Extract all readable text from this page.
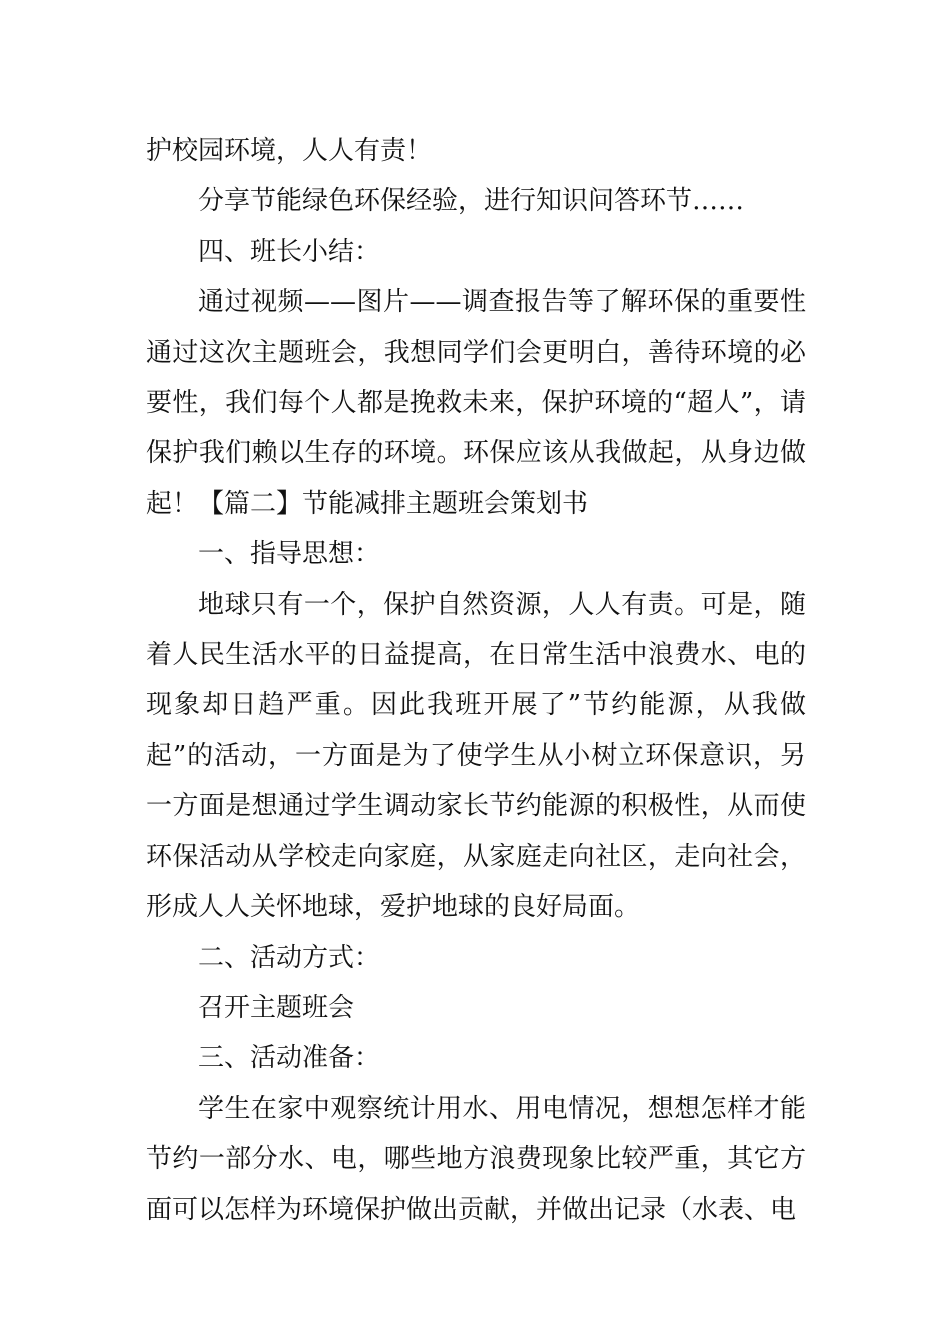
护校园环境，人人有责！

分享节能绿色环保经验，进行知识问答环节……

四、班长小结：

通过视频——图片——调查报告等了解环保的重要性通过这次主题班会，我想同学们会更明白，善待环境的必要性，我们每个人都是挽救未来，保护环境的“超人”，请保护我们赖以生存的环境。环保应该从我做起，从身边做起！【篇二】节能减排主题班会策划书

一、指导思想：

地球只有一个，保护自然资源，人人有责。可是，随着人民生活水平的日益提高，在日常生活中浪费水、电的现象却日趋严重。因此我班开展了”节约能源，从我做起”的活动，一方面是为了使学生从小树立环保意识，另一方面是想通过学生调动家长节约能源的积极性，从而使环保活动从学校走向家庭，从家庭走向社区，走向社会，形成人人关怀地球，爱护地球的良好局面。

二、活动方式：

召开主题班会

三、活动准备：

学生在家中观察统计用水、用电情况，想想怎样才能节约一部分水、电，哪些地方浪费现象比较严重，其它方面可以怎样为环境保护做出贡献，并做出记录（水表、电
